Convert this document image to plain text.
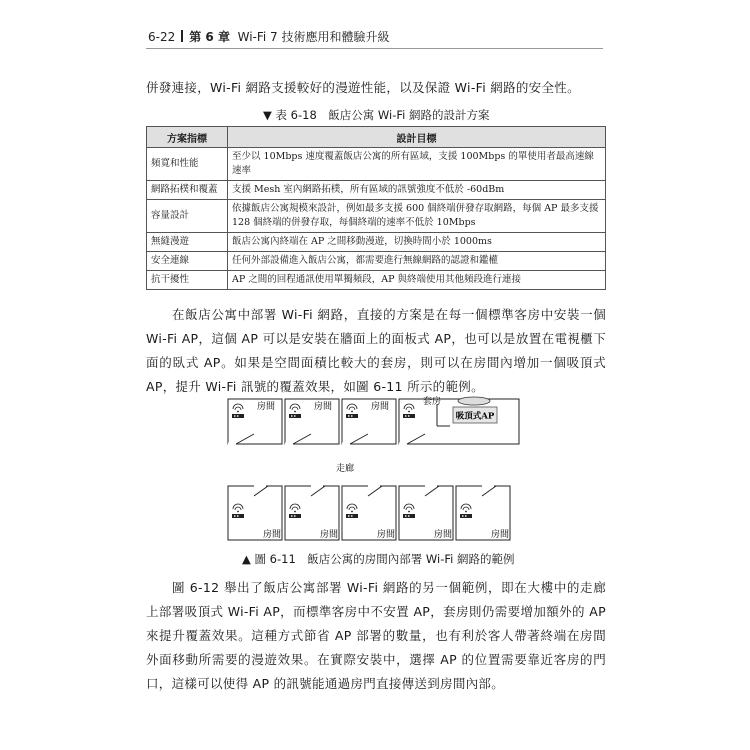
6-22 第 6 章 Wi-Fi 7 技術應用和體驗升級
併發連接，Wi-Fi 網路支援較好的漫遊性能，以及保證 Wi-Fi 網路的安全性。
▼ 表 6-18　飯店公寓 Wi-Fi 網路的設計方案
方案指標	設計目標
頻寬和性能	至少以 10Mbps 速度覆蓋飯店公寓的所有區域，支援 100Mbps 的單使用者最高速線速率
網路拓樸和覆蓋	支援 Mesh 室內網路拓樸，所有區域的訊號強度不低於 -60dBm
容量設計	依據飯店公寓規模來設計，例如最多支援 600 個終端併發存取網路，每個 AP 最多支援 128 個終端的併發存取，每個終端的速率不低於 10Mbps
無縫漫遊	飯店公寓內終端在 AP 之間移動漫遊，切換時間小於 1000ms
安全連線	任何外部設備進入飯店公寓，都需要進行無線網路的認證和鑑權
抗干擾性	AP 之間的回程通訊使用單獨頻段，AP 與終端使用其他頻段進行連接
在飯店公寓中部署 Wi-Fi 網路，直接的方案是在每一個標準客房中安裝一個 Wi-Fi AP，這個 AP 可以是安裝在牆面上的面板式 AP，也可以是放置在電視櫃下面的臥式 AP。如果是空間面積比較大的套房，則可以在房間內增加一個吸頂式 AP，提升 Wi-Fi 訊號的覆蓋效果，如圖 6-11 所示的範例。
房間	房間	房間	套房
吸頂式AP
走廊
房間	房間	房間	房間	房間
▲ 圖 6-11　飯店公寓的房間內部署 Wi-Fi 網路的範例
圖 6-12 舉出了飯店公寓部署 Wi-Fi 網路的另一個範例，即在大樓中的走廊上部署吸頂式 Wi-Fi AP，而標準客房中不安置 AP，套房則仍需要增加額外的 AP 來提升覆蓋效果。這種方式節省 AP 部署的數量，也有利於客人帶著終端在房間外面移動所需要的漫遊效果。在實際安裝中，選擇 AP 的位置需要靠近客房的門口，這樣可以使得 AP 的訊號能通過房門直接傳送到房間內部。
